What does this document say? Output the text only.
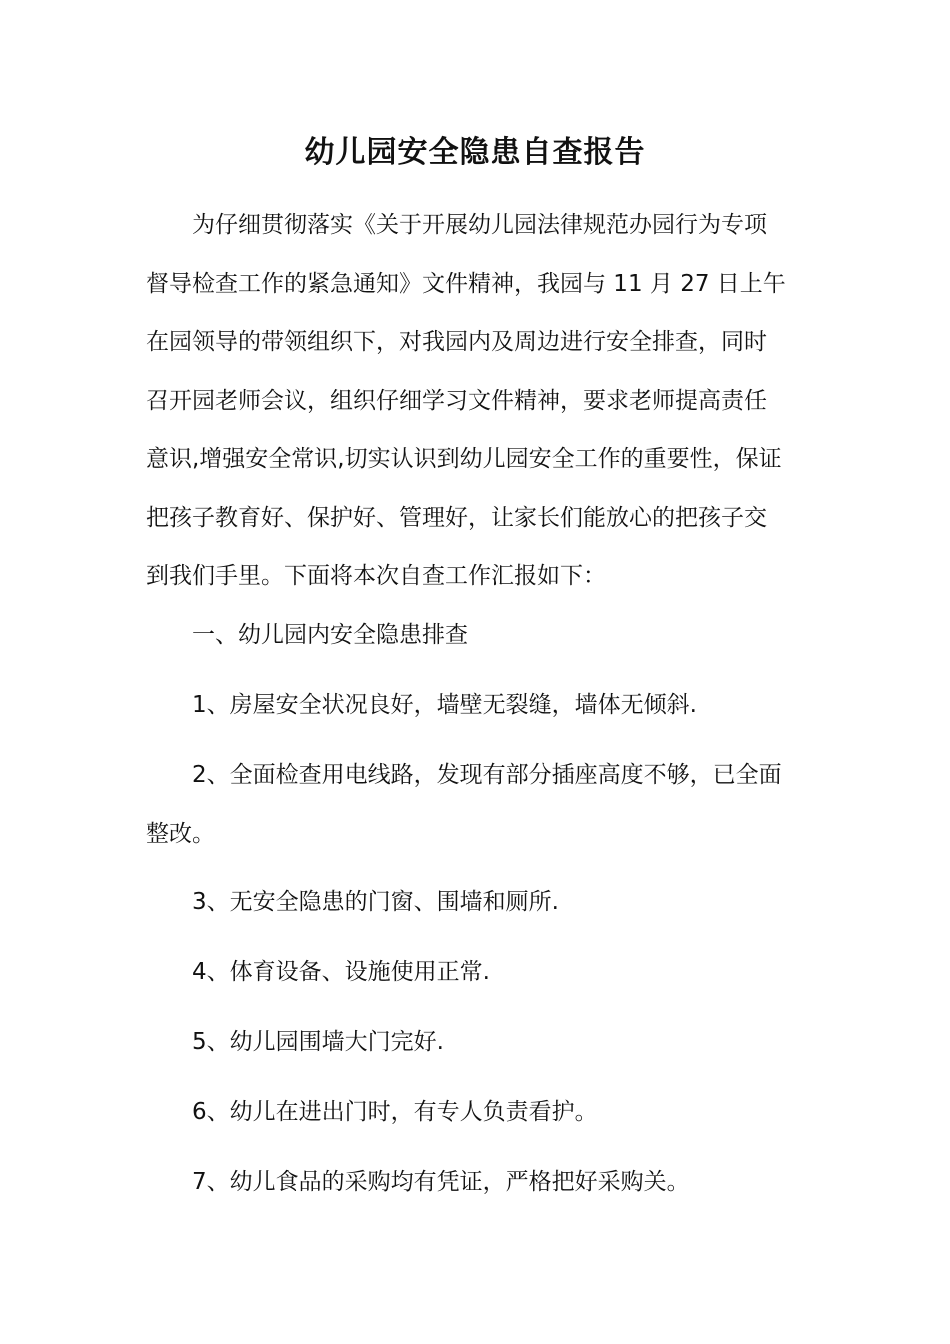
幼儿园安全隐患自查报告

为仔细贯彻落实《关于开展幼儿园法律规范办园行为专项
督导检查工作的紧急通知》文件精神，我园与 11 月 27 日上午
在园领导的带领组织下，对我园内及周边进行安全排查，同时
召开园老师会议，组织仔细学习文件精神，要求老师提高责任
意识,增强安全常识,切实认识到幼儿园安全工作的重要性，保证
把孩子教育好、保护好、管理好，让家长们能放心的把孩子交
到我们手里。下面将本次自查工作汇报如下：

一、幼儿园内安全隐患排查

1、房屋安全状况良好，墙壁无裂缝，墙体无倾斜.

2、全面检查用电线路，发现有部分插座高度不够，已全面
整改。

3、无安全隐患的门窗、围墙和厕所.

4、体育设备、设施使用正常.

5、幼儿园围墙大门完好.

6、幼儿在进出门时，有专人负责看护。

7、幼儿食品的采购均有凭证，严格把好采购关。
